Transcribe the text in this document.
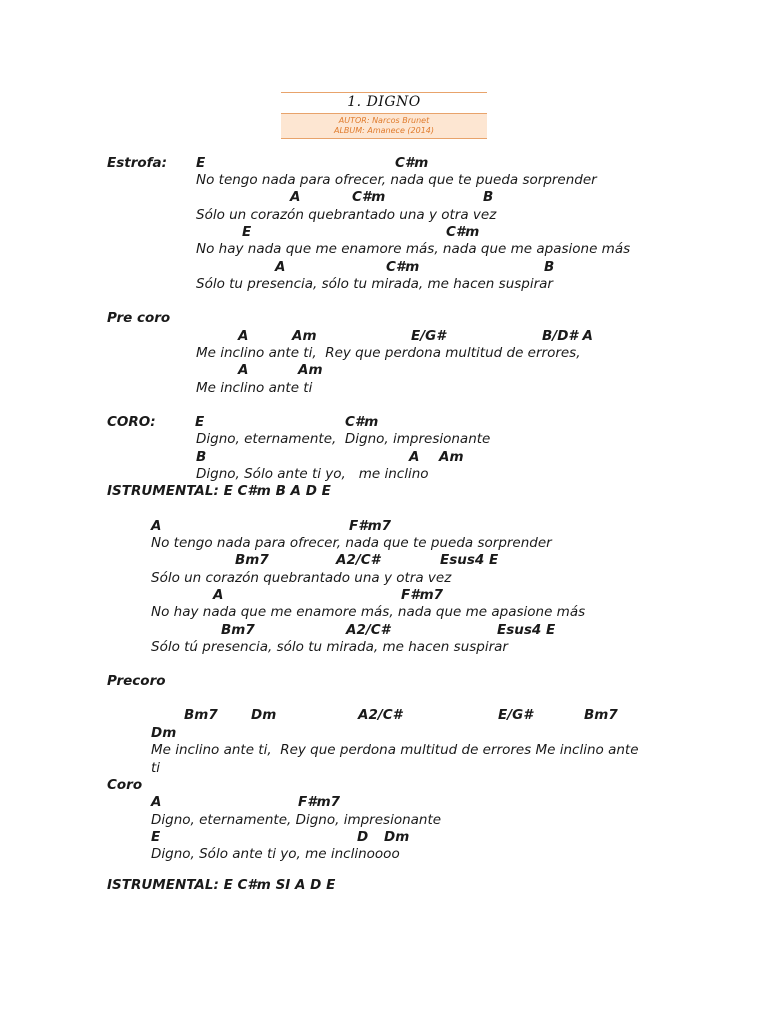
1. DIGNO
AUTOR: Narcos Brunet
ALBUM: Amanece (2014)
Estrofa: E	C#m
No tengo nada para ofrecer, nada que te pueda sorprender
A	C#m	B
Sólo un corazón quebrantado una y otra vez
E	C#m
No hay nada que me enamore más, nada que me apasione más
A	C#m	B
Sólo tu presencia, sólo tu mirada, me hacen suspirar
Pre coro
A	Am	E/G#	B/D# A
Me inclino ante ti,  Rey que perdona multitud de errores,
A	Am
Me inclino ante ti
CORO:	E	C#m
Digno, eternamente,  Digno, impresionante
B	A Am
Digno, Sólo ante ti yo,   me inclino
ISTRUMENTAL: E C#m B A D E
A	F#m7
No tengo nada para ofrecer, nada que te pueda sorprender
Bm7	A2/C#	Esus4 E
Sólo un corazón quebrantado una y otra vez
A	F#m7
No hay nada que me enamore más, nada que me apasione más
Bm7	A2/C#	Esus4 E
Sólo tú presencia, sólo tu mirada, me hacen suspirar
Precoro
Bm7 Dm	A2/C#	E/G#	Bm7
Dm
Me inclino ante ti,  Rey que perdona multitud de errores Me inclino ante
ti
Coro
A	F#m7
Digno, eternamente, Digno, impresionante
E	D Dm
Digno, Sólo ante ti yo, me inclinoooo
ISTRUMENTAL: E C#m SI A D E
